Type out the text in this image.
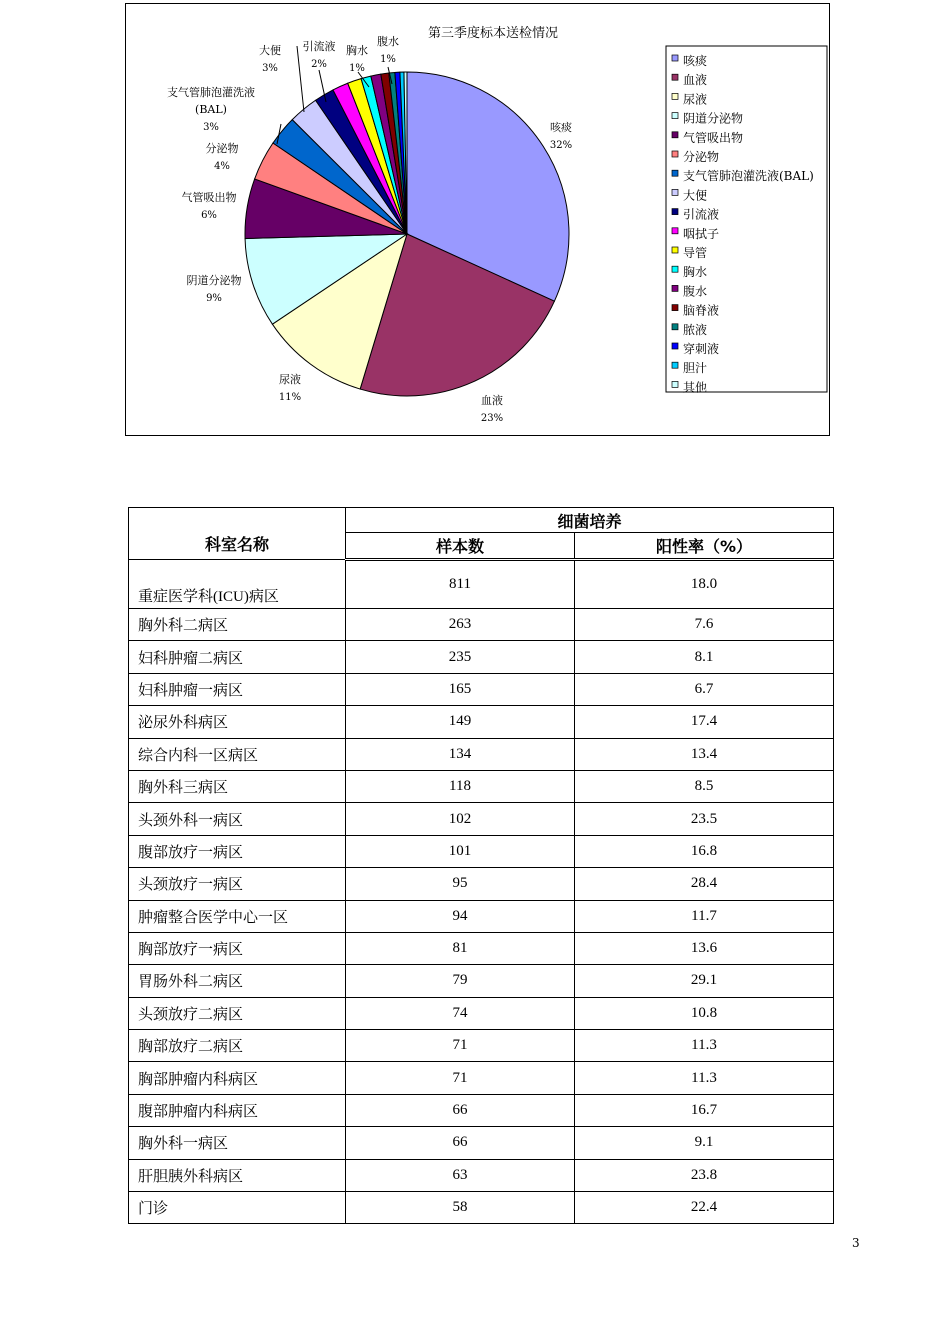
第三季度标本送检情况
咳痰 32%
血液 23%
尿液 11%
阴道分泌物 9%
气管吸出物 6%
分泌物 4%
支气管肺泡灌洗液(BAL) 3%
大便 3%
引流液 2%
胸水 1%
腹水 1%	咳痰
血液
尿液
阴道分泌物
气管吸出物
分泌物
支气管肺泡灌洗液(BAL)
大便
引流液
咽拭子
导管
胸水
腹水
脑脊液
脓液
穿刺液
胆汁
其他
科室名称	细菌培养	
	样本数	阳性率（%）
重症医学科(ICU)病区	811	18.0
胸外科二病区	263	7.6
妇科肿瘤二病区	235	8.1
妇科肿瘤一病区	165	6.7
泌尿外科病区	149	17.4
综合内科一区病区	134	13.4
胸外科三病区	118	8.5
头颈外科一病区	102	23.5
腹部放疗一病区	101	16.8
头颈放疗一病区	95	28.4
肿瘤整合医学中心一区	94	11.7
胸部放疗一病区	81	13.6
胃肠外科二病区	79	29.1
头颈放疗二病区	74	10.8
胸部放疗二病区	71	11.3
胸部肿瘤内科病区	71	11.3
腹部肿瘤内科病区	66	16.7
胸外科一病区	66	9.1
肝胆胰外科病区	63	23.8
门诊	58	22.4
3
